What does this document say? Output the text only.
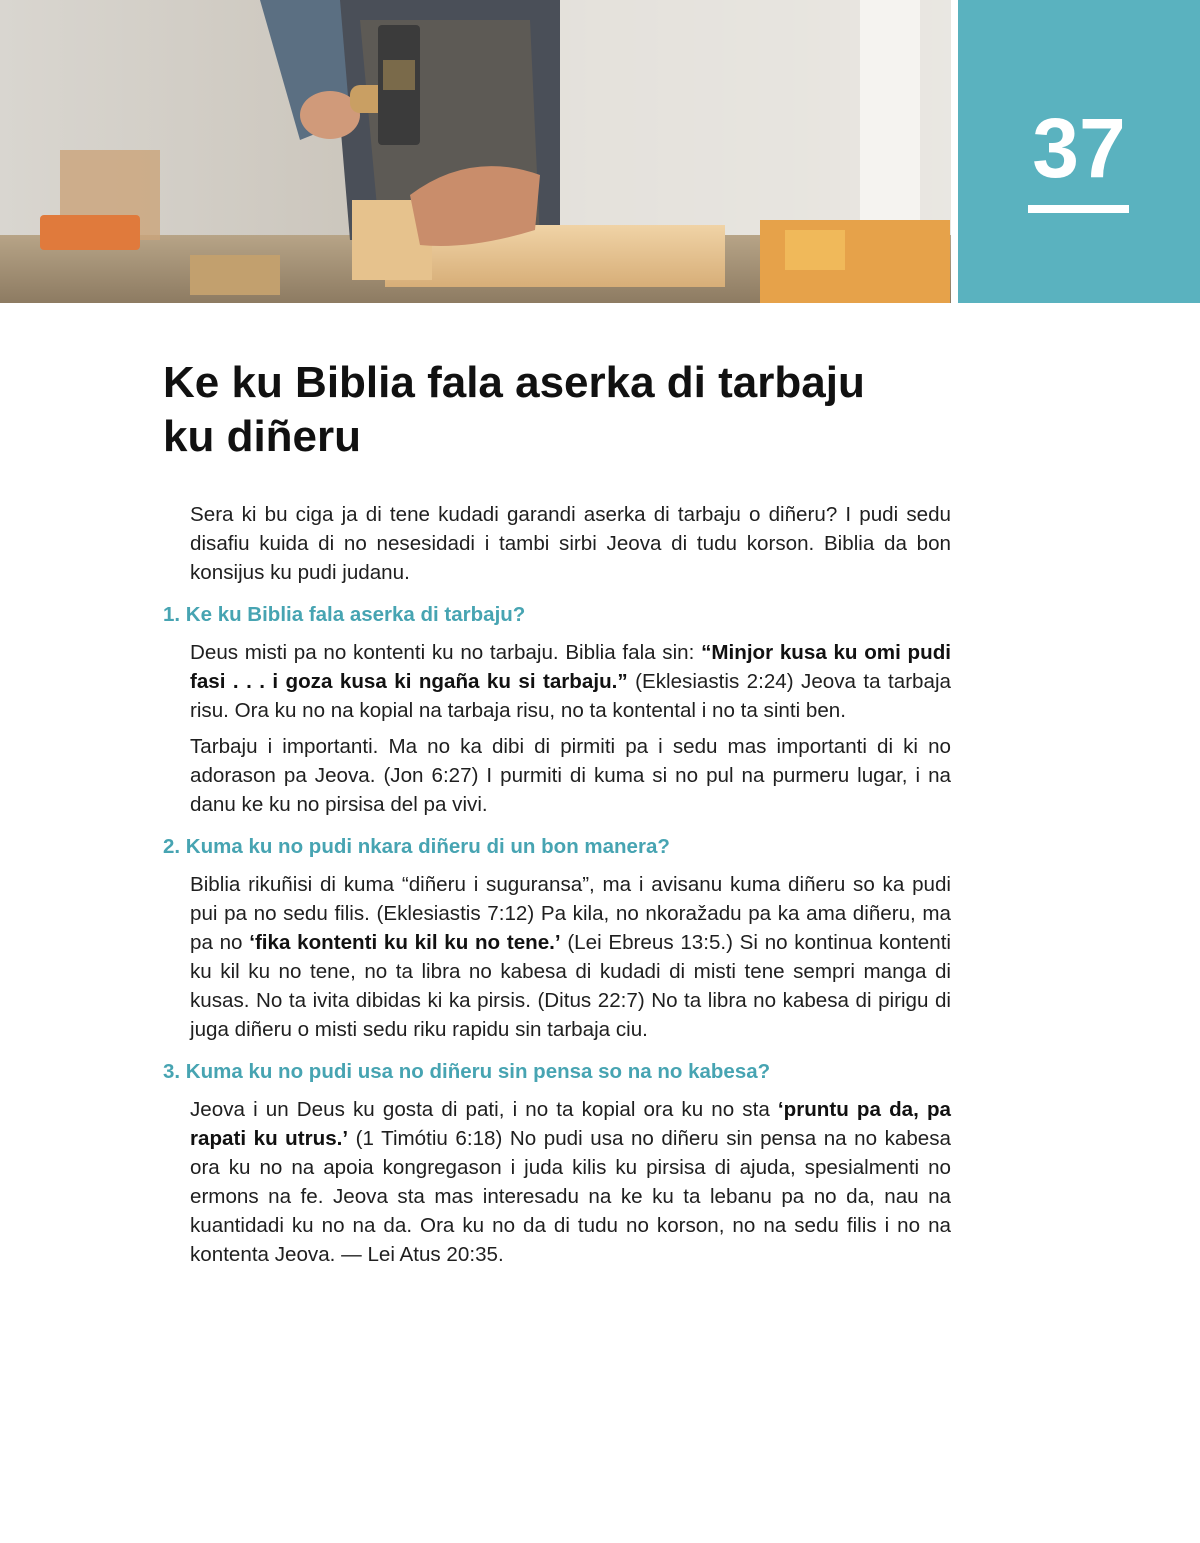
37
Ke ku Biblia fala aserka di tarbaju ku diñeru

Sera ki bu ciga ja di tene kudadi garandi aserka di tarbaju o diñeru? I pudi sedu disafiu kuida di no nesesidadi i tambi sirbi Jeova di tudu korson. Biblia da bon konsijus ku pudi judanu.

1. Ke ku Biblia fala aserka di tarbaju?

Deus misti pa no kontenti ku no tarbaju. Biblia fala sin: “Minjor kusa ku omi pudi fasi . . . i goza kusa ki ngaña ku si tarbaju.” (Eklesiastis 2:24) Jeova ta tarbaja risu. Ora ku no na kopial na tarbaja risu, no ta kontental i no ta sinti ben.

Tarbaju i importanti. Ma no ka dibi di pirmiti pa i sedu mas importanti di ki no adorason pa Jeova. (Jon 6:27) I purmiti di kuma si no pul na purmeru lugar, i na danu ke ku no pirsisa del pa vivi.

2. Kuma ku no pudi nkara diñeru di un bon manera?

Biblia rikuñisi di kuma “diñeru i suguransa”, ma i avisanu kuma diñeru so ka pudi pui pa no sedu filis. (Eklesiastis 7:12) Pa kila, no nkoražadu pa ka ama diñeru, ma pa no ‘fika kontenti ku kil ku no tene.’ (Lei Ebreus 13:5.) Si no kontinua kontenti ku kil ku no tene, no ta libra no kabesa di kudadi di misti tene sempri manga di kusas. No ta ivita dibidas ki ka pirsis. (Ditus 22:7) No ta libra no kabesa di pirigu di juga diñeru o misti sedu riku rapidu sin tarbaja ciu.

3. Kuma ku no pudi usa no diñeru sin pensa so na no kabesa?

Jeova i un Deus ku gosta di pati, i no ta kopial ora ku no sta ‘pruntu pa da, pa rapati ku utrus.’ (1 Timótiu 6:18) No pudi usa no diñeru sin pensa na no kabesa ora ku no na apoia kongregason i juda kilis ku pirsisa di ajuda, spesialmenti no ermons na fe. Jeova sta mas interesadu na ke ku ta lebanu pa no da, nau na kuantidadi ku no na da. Ora ku no da di tudu no korson, no na sedu filis i no na kontenta Jeova. — Lei Atus 20:35.
